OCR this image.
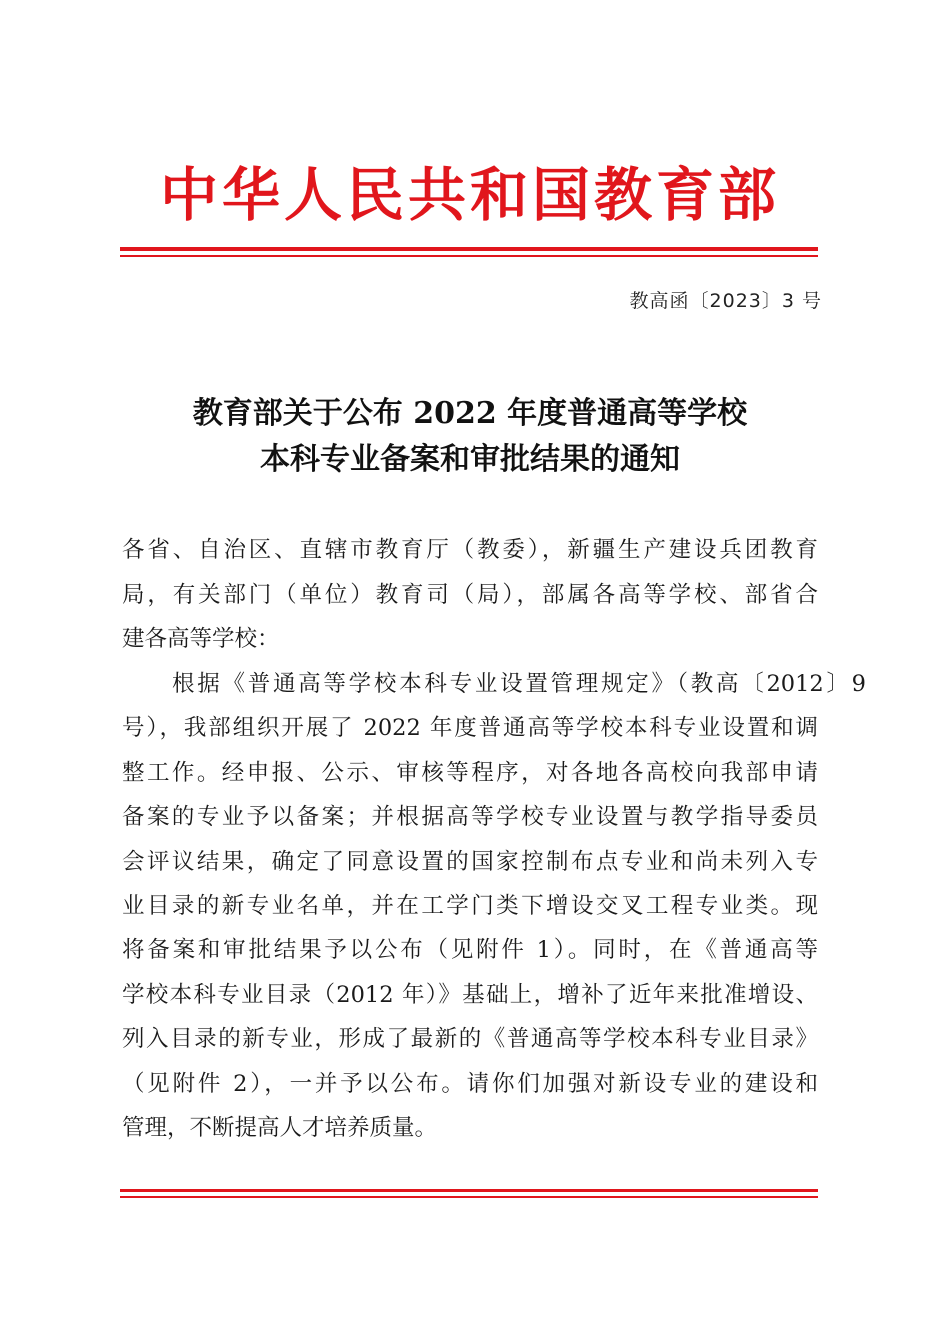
中华人民共和国教育部
教高函〔2023〕3 号
教育部关于公布 2022 年度普通高等学校
本科专业备案和审批结果的通知
各省、自治区、直辖市教育厅（教委），新疆生产建设兵团教育
局，有关部门（单位）教育司（局），部属各高等学校、部省合
建各高等学校：
根据《普通高等学校本科专业设置管理规定》（教高〔2012〕9
号），我部组织开展了 2022 年度普通高等学校本科专业设置和调
整工作。经申报、公示、审核等程序，对各地各高校向我部申请
备案的专业予以备案；并根据高等学校专业设置与教学指导委员
会评议结果，确定了同意设置的国家控制布点专业和尚未列入专
业目录的新专业名单，并在工学门类下增设交叉工程专业类。现
将备案和审批结果予以公布（见附件 1）。同时，在《普通高等
学校本科专业目录（2012 年）》基础上，增补了近年来批准增设、
列入目录的新专业，形成了最新的《普通高等学校本科专业目录》
（见附件 2），一并予以公布。请你们加强对新设专业的建设和
管理，不断提高人才培养质量。
